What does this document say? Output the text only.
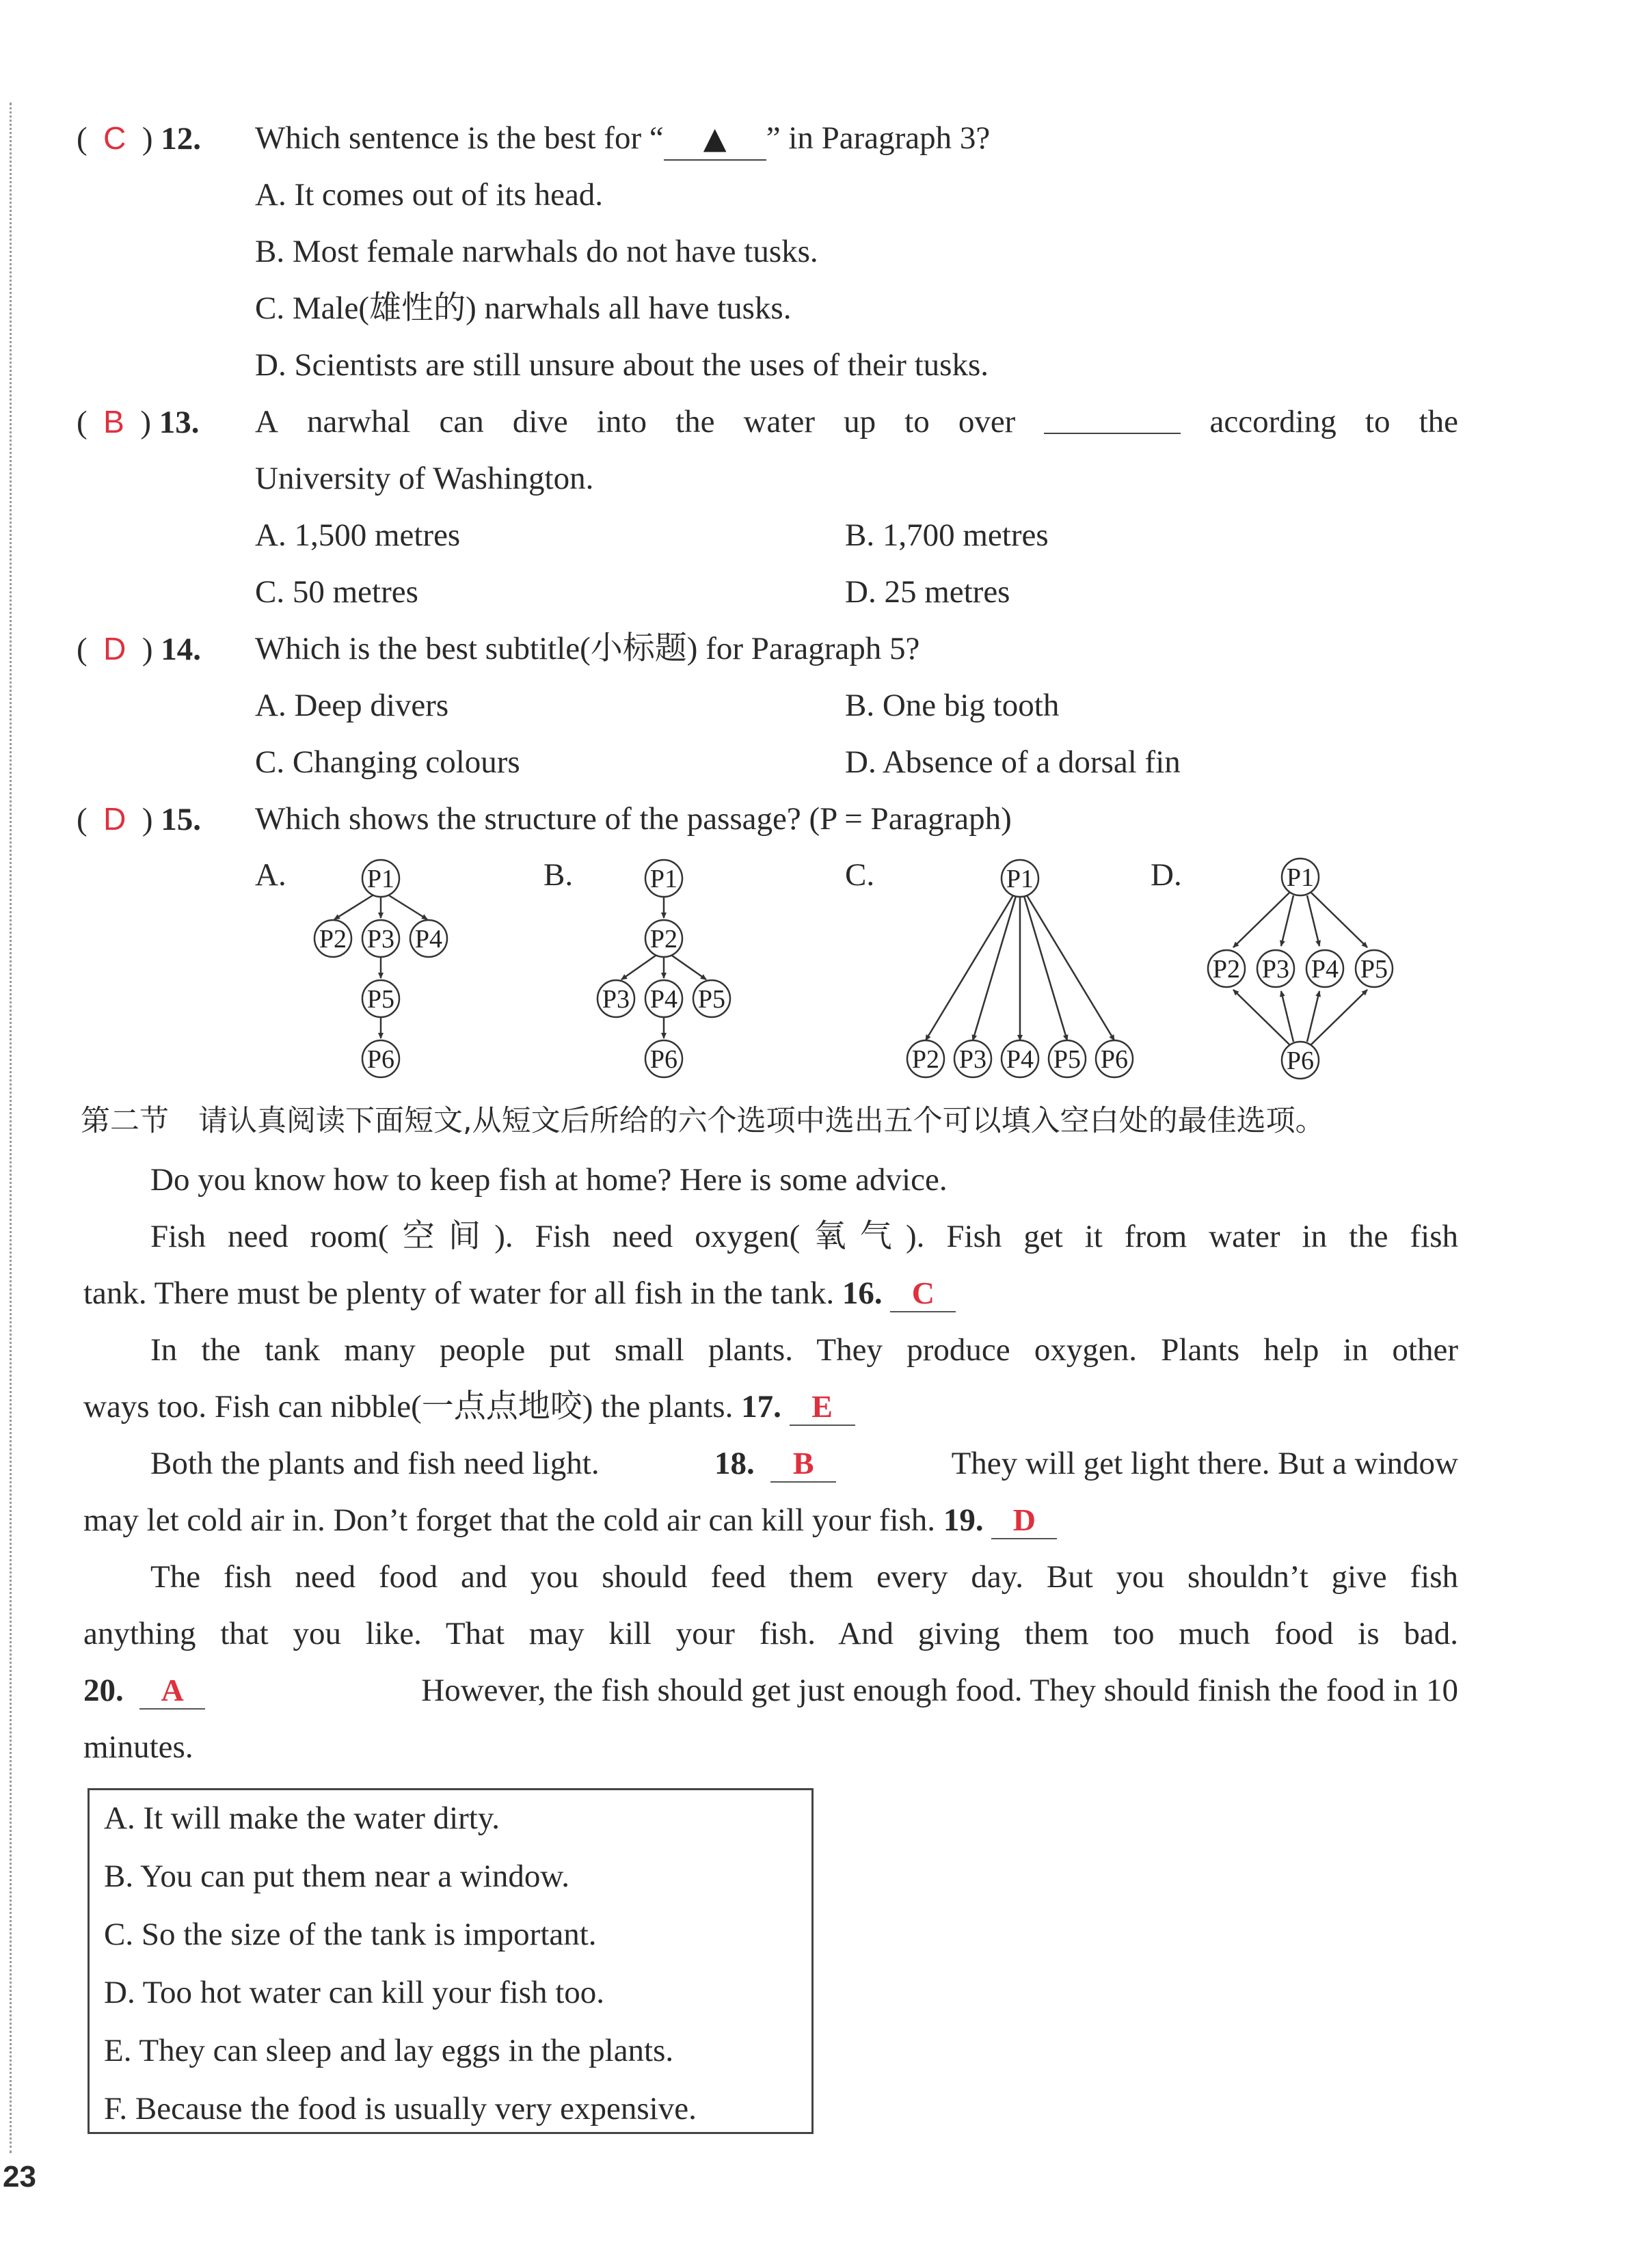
(  C  ) 12. Which sentence is the best for “ ▲ ” in Paragraph 3?
A. It comes out of its head.
B. Most female narwhals do not have tusks.
C. Male(雄性的) narwhals all have tusks.
D. Scientists are still unsure about the uses of their tusks.
(  B  ) 13. A narwhal can dive into the water up to over	according to the
University of Washington.
A. 1,500 metres	B. 1,700 metres
C. 50 metres	D. 25 metres
(  D  ) 14. Which is the best subtitle(小标题) for Paragraph 5?
A. Deep divers	B. One big tooth
C. Changing colours	D. Absence of a dorsal fin
(  D  ) 15. Which shows the structure of the passage? (P = Paragraph)
A.	B.	C.	D.
P1
P2 P3 P4
P5
P6
P1
P2
P3 P4 P5
P6
P1
P2 P3 P4 P5 P6
P1
P2 P3 P4 P5
P6
第二节　请认真阅读下面短文,从短文后所给的六个选项中选出五个可以填入空白处的最佳选项。
Do you know how to keep fish at home? Here is some advice.
Fish need room(空间). Fish need oxygen(氧气). Fish get it from water in the fish
tank. There must be plenty of water for all fish in the tank. 16. C
In the tank many people put small plants. They produce oxygen. Plants help in other
ways too. Fish can nibble(一点点地咬) the plants. 17. E
Both the plants and fish need light.	18. B	They will get light there. But a window
may let cold air in. Don’t forget that the cold air can kill your fish. 19. D
The fish need food and you should feed them every day. But you shouldn’t give fish
anything that you like. That may kill your fish. And giving them too much food is bad.
20. A	However, the fish should get just enough food. They should finish the food in 10
minutes.
A. It will make the water dirty.
B. You can put them near a window.
C. So the size of the tank is important.
D. Too hot water can kill your fish too.
E. They can sleep and lay eggs in the plants.
F. Because the food is usually very expensive.
23
